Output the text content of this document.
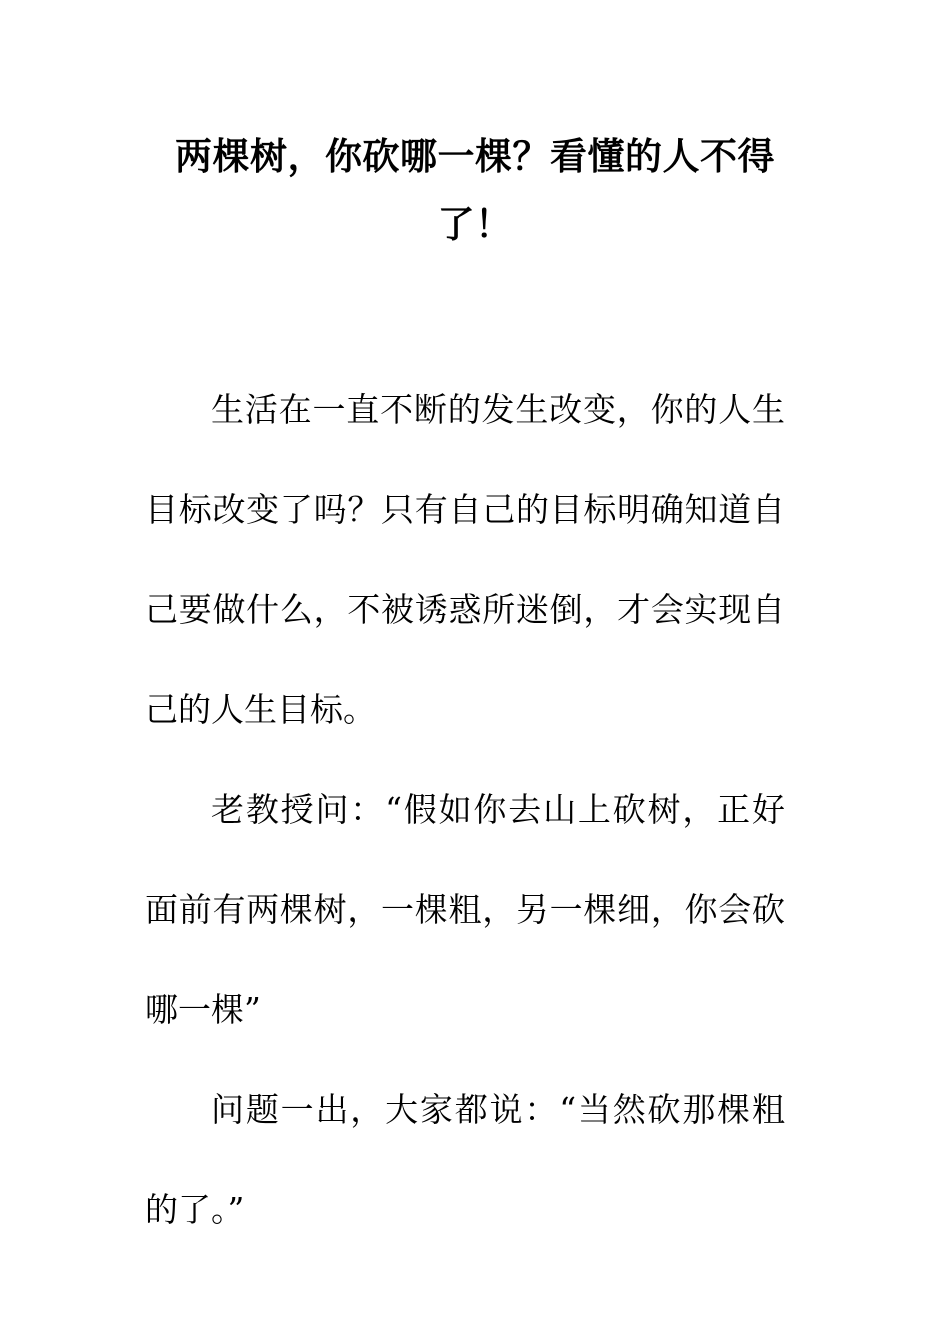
两棵树，你砍哪一棵？看懂的人不得了！

生活在一直不断的发生改变，你的人生目标改变了吗？只有自己的目标明确知道自己要做什么，不被诱惑所迷倒，才会实现自己的人生目标。

老教授问：“假如你去山上砍树，正好面前有两棵树，一棵粗，另一棵细，你会砍哪一棵”

问题一出，大家都说：“当然砍那棵粗的了。”
